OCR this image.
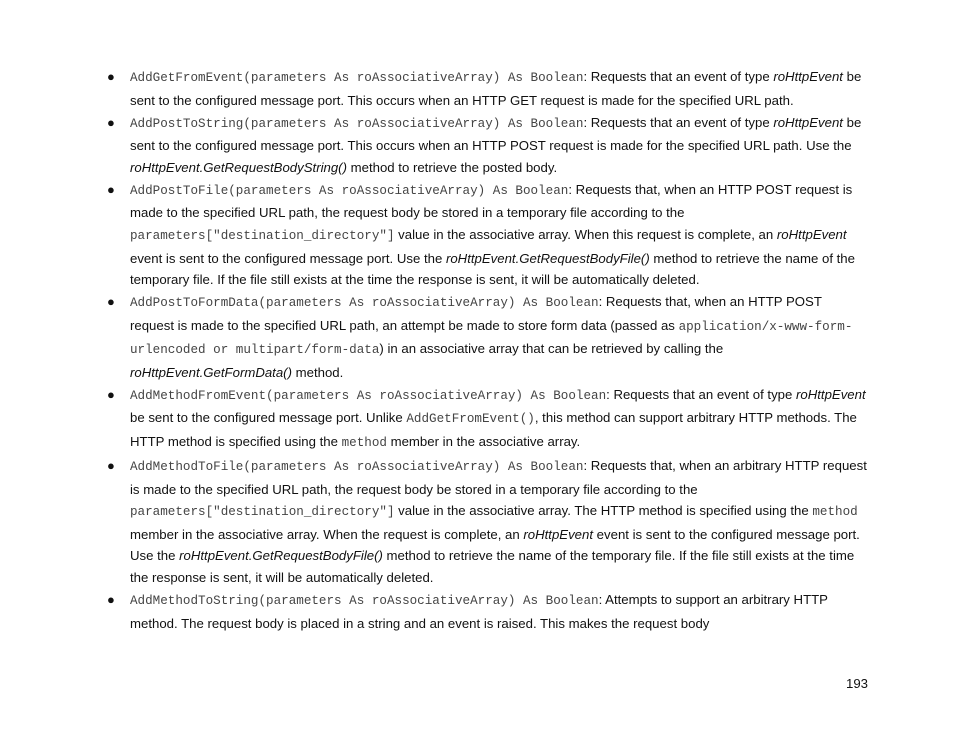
●	AddGetFromEvent(parameters As roAssociativeArray) As Boolean: Requests that an event of type roHttpEvent be sent to the configured message port. This occurs when an HTTP GET request is made for the specified URL path.
●	AddPostToString(parameters As roAssociativeArray) As Boolean: Requests that an event of type roHttpEvent be sent to the configured message port. This occurs when an HTTP POST request is made for the specified URL path. Use the roHttpEvent.GetRequestBodyString() method to retrieve the posted body.
●	AddPostToFile(parameters As roAssociativeArray) As Boolean: Requests that, when an HTTP POST request is made to the specified URL path, the request body be stored in a temporary file according to the parameters["destination_directory"] value in the associative array. When this request is complete, an roHttpEvent event is sent to the configured message port. Use the roHttpEvent.GetRequestBodyFile() method to retrieve the name of the temporary file. If the file still exists at the time the response is sent, it will be automatically deleted.
●	AddPostToFormData(parameters As roAssociativeArray) As Boolean: Requests that, when an HTTP POST request is made to the specified URL path, an attempt be made to store form data (passed as application/x-www-form-urlencoded or multipart/form-data) in an associative array that can be retrieved by calling the roHttpEvent.GetFormData() method.
●	AddMethodFromEvent(parameters As roAssociativeArray) As Boolean: Requests that an event of type roHttpEvent be sent to the configured message port. Unlike AddGetFromEvent(), this method can support arbitrary HTTP methods. The HTTP method is specified using the method member in the associative array.
●	AddMethodToFile(parameters As roAssociativeArray) As Boolean: Requests that, when an arbitrary HTTP request is made to the specified URL path, the request body be stored in a temporary file according to the parameters["destination_directory"] value in the associative array. The HTTP method is specified using the method member in the associative array. When the request is complete, an roHttpEvent event is sent to the configured message port. Use the roHttpEvent.GetRequestBodyFile() method to retrieve the name of the temporary file. If the file still exists at the time the response is sent, it will be automatically deleted.
●	AddMethodToString(parameters As roAssociativeArray) As Boolean: Attempts to support an arbitrary HTTP method. The request body is placed in a string and an event is raised. This makes the request body
193
